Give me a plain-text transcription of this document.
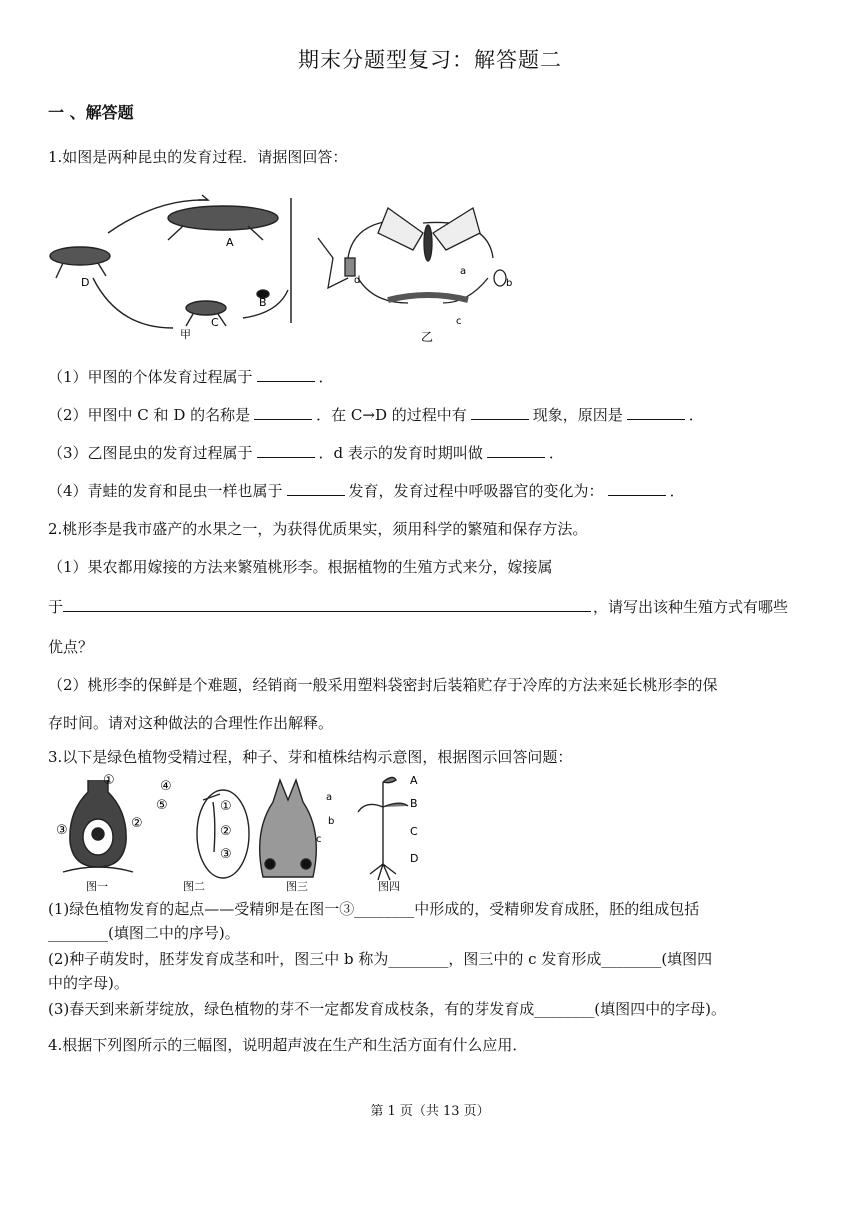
期末分题型复习：解答题二
一 、解答题
1.如图是两种昆虫的发育过程．请据图回答：
A
B
C
D
甲	乙
a
b
c
d
（1）甲图的个体发育过程属于	．
（2）甲图中 C 和 D 的名称是	．在 C→D 的过程中有	现象，原因是	．
（3）乙图昆虫的发育过程属于	．d 表示的发育时期叫做	．
（4）青蛙的发育和昆虫一样也属于	发育，发育过程中呼吸器官的变化为：	．
2.桃形李是我市盛产的水果之一，为获得优质果实，须用科学的繁殖和保存方法。
（1）果农都用嫁接的方法来繁殖桃形李。根据植物的生殖方式来分，嫁接属
于	，请写出该种生殖方式有哪些
优点？
（2）桃形李的保鲜是个难题，经销商一般采用塑料袋密封后装箱贮存于冷库的方法来延长桃形李的保
存时间。请对这种做法的合理性作出解释。
3.以下是绿色植物受精过程，种子、芽和植株结构示意图，根据图示回答问题：
①
②
③
④
⑤	①
②
③
a
b
c
A
B
C
D
图一	图二	图三	图四
(1)绿色植物发育的起点——受精卵是在图一③________中形成的，受精卵发育成胚，胚的组成包括
________(填图二中的序号)。
(2)种子萌发时，胚芽发育成茎和叶，图三中 b 称为________，图三中的 c 发育形成________(填图四
中的字母)。
(3)春天到来新芽绽放，绿色植物的芽不一定都发育成枝条，有的芽发育成________(填图四中的字母)。
4.根据下列图所示的三幅图，说明超声波在生产和生活方面有什么应用．
第 1 页（共 13 页）
